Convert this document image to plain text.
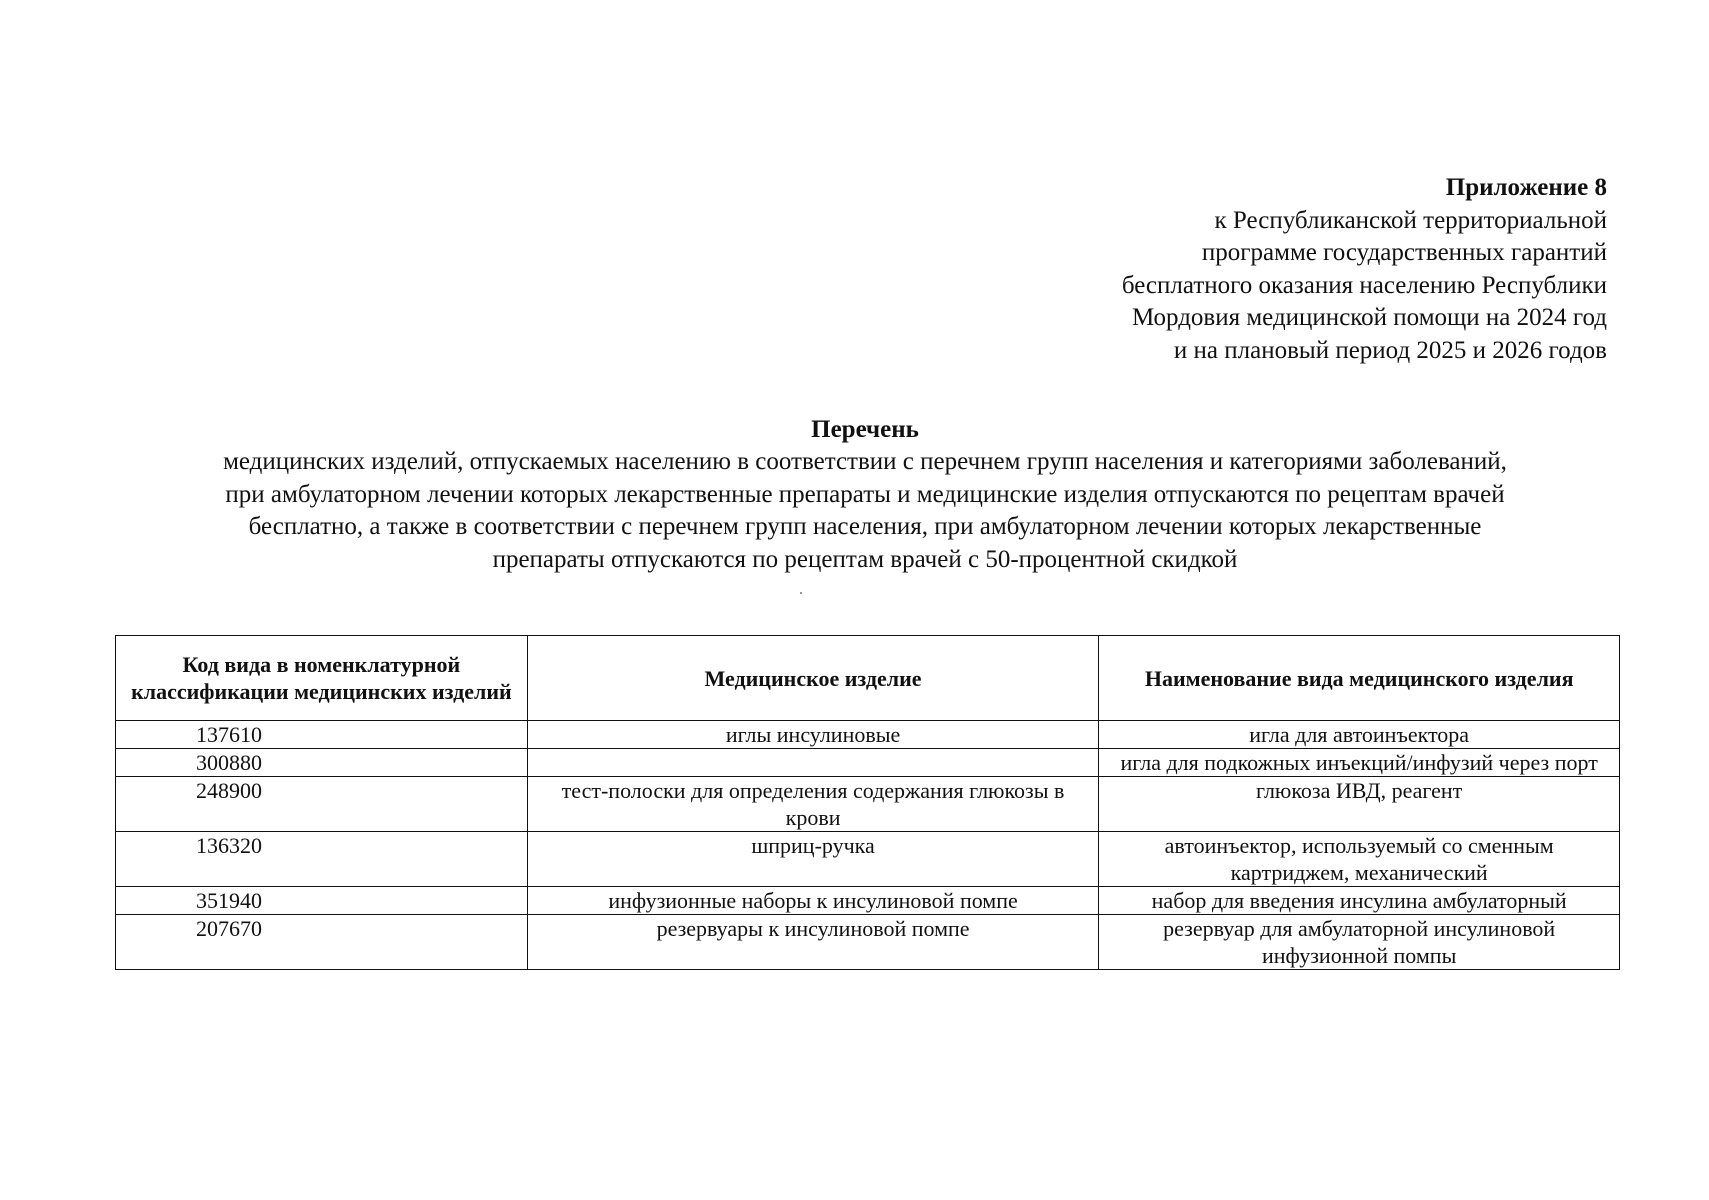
Приложение 8
к Республиканской территориальной
программе государственных гарантий
бесплатного оказания населению Республики
Мордовия медицинской помощи на 2024 год
и на плановый период 2025 и 2026 годов
Перечень
медицинских изделий, отпускаемых населению в соответствии с перечнем групп населения и категориями заболеваний,
при амбулаторном лечении которых лекарственные препараты и медицинские изделия отпускаются по рецептам врачей
бесплатно, а также в соответствии с перечнем групп населения, при амбулаторном лечении которых лекарственные
препараты отпускаются по рецептам врачей с 50-процентной скидкой
Код вида в номенклатурной классификации медицинских изделий	Медицинское изделие	Наименование вида медицинского изделия
137610	иглы инсулиновые	игла для автоинъектора
300880		игла для подкожных инъекций/инфузий через порт
248900	тест-полоски для определения содержания глюкозы в крови	глюкоза ИВД, реагент
136320	шприц-ручка	автоинъектор, используемый со сменным картриджем, механический
351940	инфузионные наборы к инсулиновой помпе	набор для введения инсулина амбулаторный
207670	резервуары к инсулиновой помпе	резервуар для амбулаторной инсулиновой инфузионной помпы
